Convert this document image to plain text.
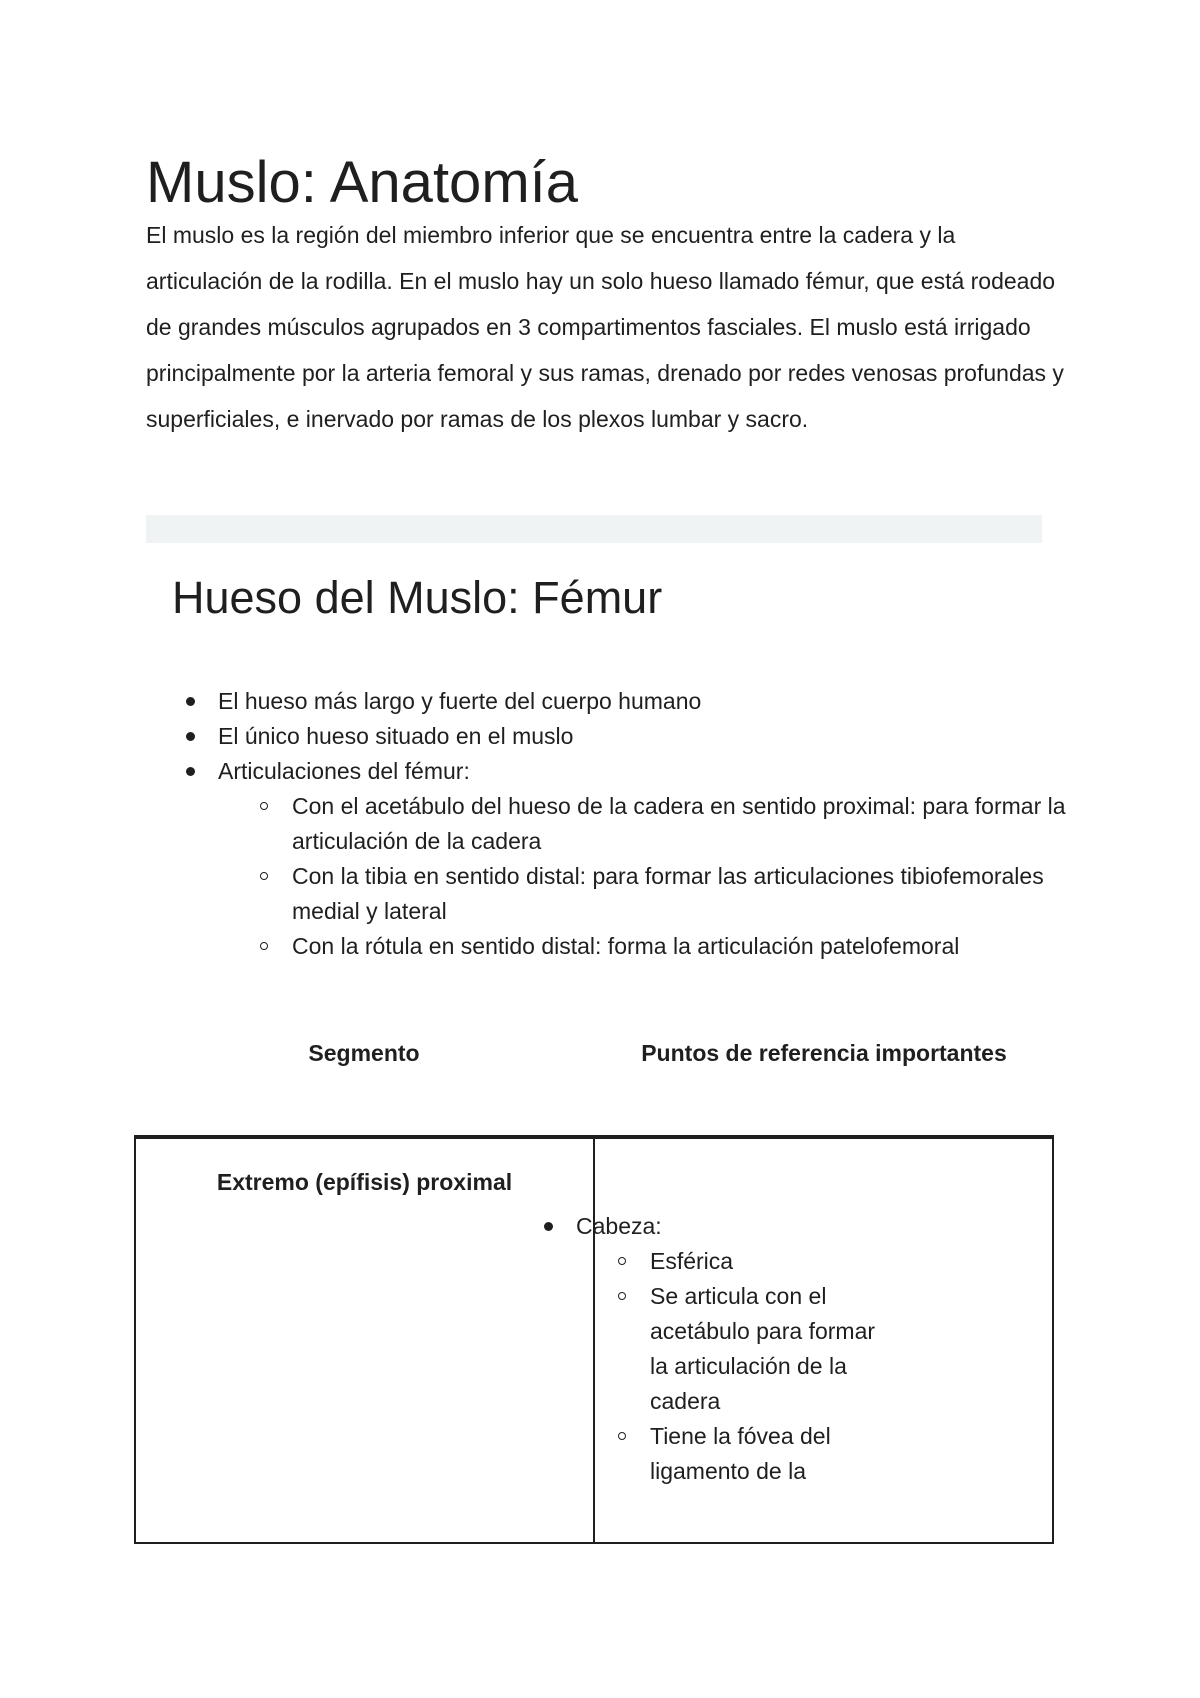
Muslo: Anatomía

El muslo es la región del miembro inferior que se encuentra entre la cadera y la articulación de la rodilla. En el muslo hay un solo hueso llamado fémur, que está rodeado de grandes músculos agrupados en 3 compartimentos fasciales. El muslo está irrigado principalmente por la arteria femoral y sus ramas, drenado por redes venosas profundas y superficiales, e inervado por ramas de los plexos lumbar y sacro.

Hueso del Muslo: Fémur
El hueso más largo y fuerte del cuerpo humano
El único hueso situado en el muslo
Articulaciones del fémur:
Con el acetábulo del hueso de la cadera en sentido proximal: para formar la articulación de la cadera
Con la tibia en sentido distal: para formar las articulaciones tibiofemorales medial y lateral
Con la rótula en sentido distal: forma la articulación patelofemoral
Segmento	Puntos de referencia importantes
Extremo (epífisis) proximal
Cabeza:
Esférica
Se articula con el acetábulo para formar la articulación de la cadera
Tiene la fóvea del ligamento de la
